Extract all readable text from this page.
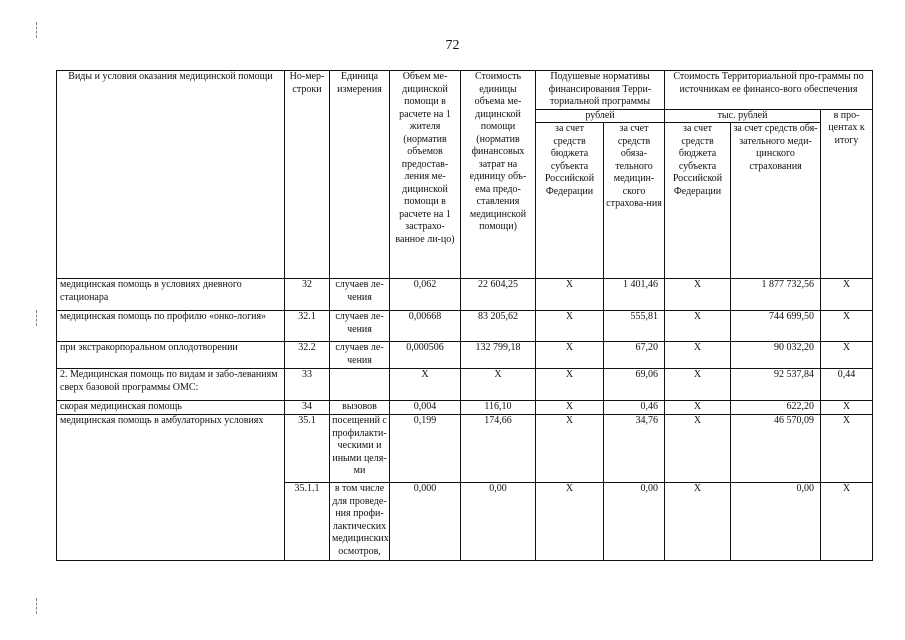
72
Виды и условия оказания медицинской помощи	Но-мер-строки	Единица измерения	Объем ме-дицинской помощи в расчете на 1 жителя (норматив объемов предостав-ления ме-дицинской помощи в расчете на 1 застрахо-ванное ли-цо)	Стоимость единицы объема ме-дицинской помощи (норматив финансовых затрат на единицу объ-ема предо-ставления медицинской помощи)	Подушевые нормативы финансирования Терри-ториальной программы		Стоимость Территориальной про-граммы по источникам ее финансо-вого обеспечения		
					рублей		тыс. рублей		в про-центах к итогу
					за счет средств бюджета субъекта Российской Федерации	за счет средств обяза-тельного медицин-ского страхова-ния	за счет средств бюджета субъекта Российской Федерации	за счет средств обя-зательного меди-цинского страхования	
медицинская помощь в условиях дневного стационара	32	случаев ле-чения	0,062	22 604,25	X	1 401,46	X	1 877 732,56	X
медицинская помощь по профилю «онко-логия»	32.1	случаев ле-чения	0,00668	83 205,62	X	555,81	X	744 699,50	X
при экстракорпоральном оплодотворении	32.2	случаев ле-чения	0,000506	132 799,18	X	67,20	X	90 032,20	X
2. Медицинская помощь по видам и забо-леваниям сверх базовой программы ОМС:	33		X	X	X	69,06	X	92 537,84	0,44
скорая медицинская помощь	34	вызовов	0,004	116,10	X	0,46	X	622,20	X
медицинская помощь в амбулаторных условиях	35.1	посещений с профилакти-ческими и иными целя-ми	0,199	174,66	X	34,76	X	46 570,09	X
	35.1.1	в том числе для проведе-ния профи-лактических медицинских осмотров,	0,000	0,00	X	0,00	X	0,00	X
